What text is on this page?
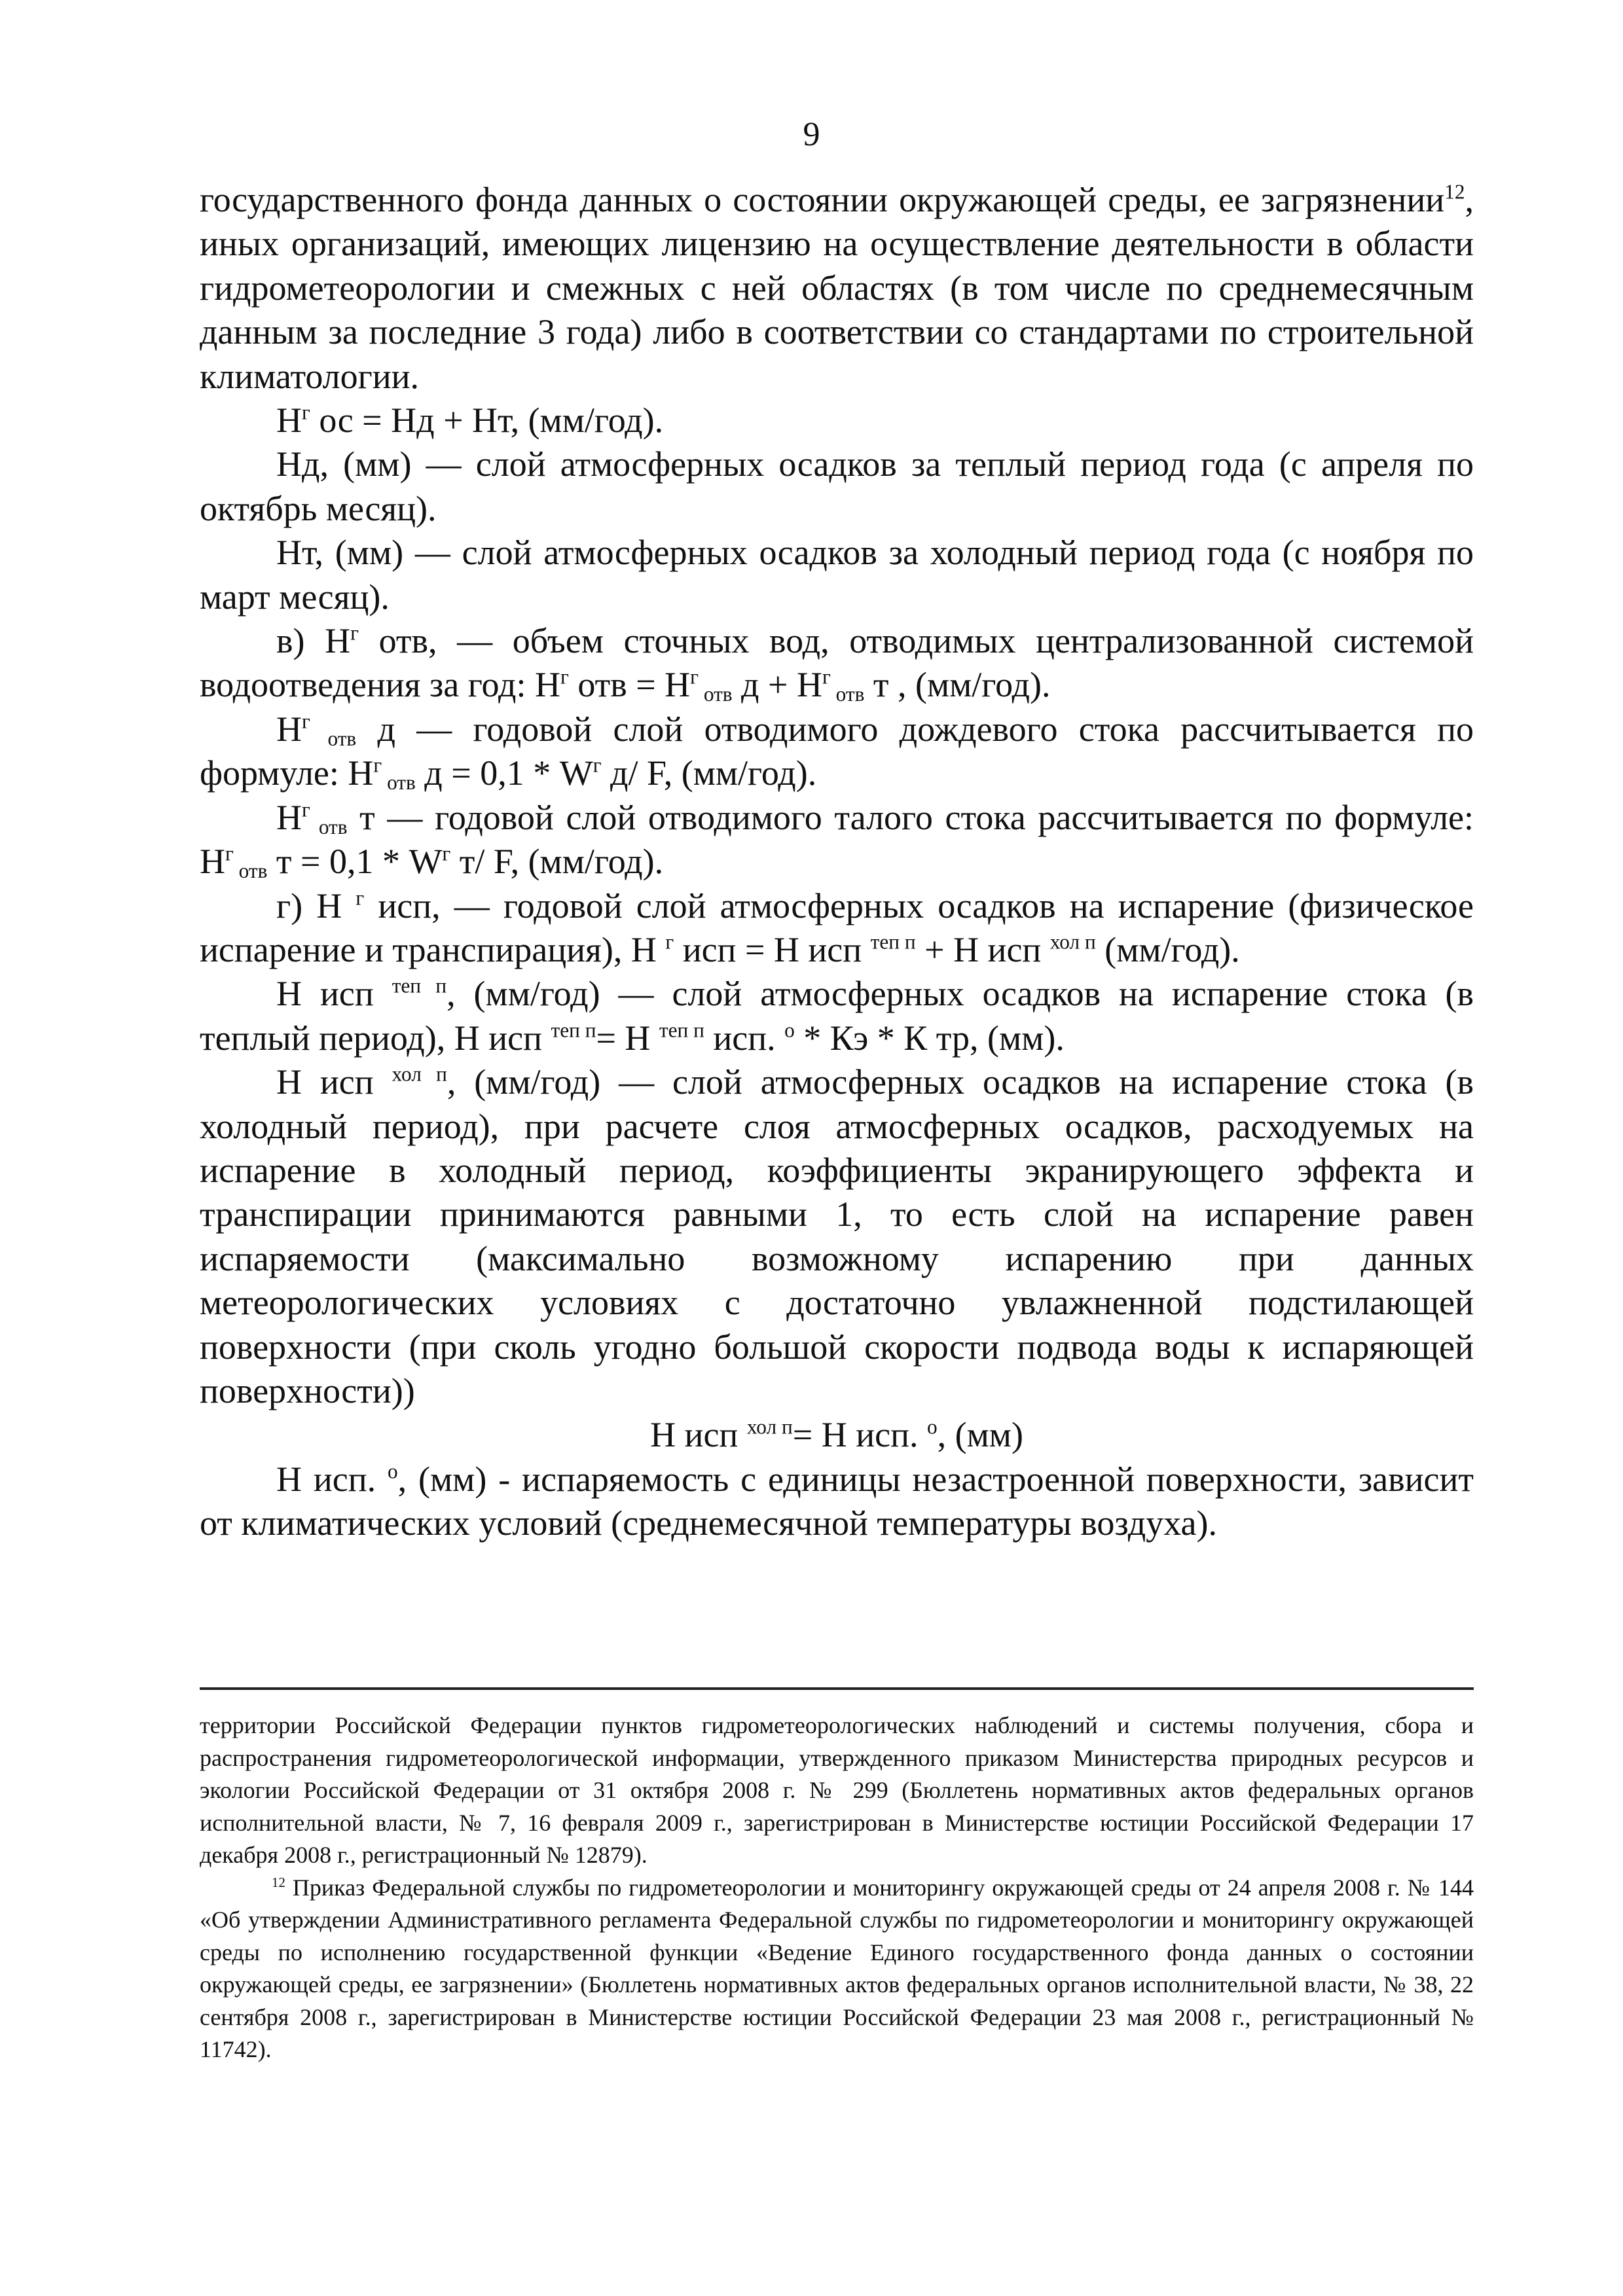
9

государственного фонда данных о состоянии окружающей среды, ее загрязнении$^{12}$, иных организаций, имеющих лицензию на осуществление деятельности в области гидрометеорологии и смежных с ней областях (в том числе по среднемесячным данным за последние 3 года) либо в соответствии со стандартами по строительной климатологии.

$H^г$ ос = Нд + Нт, (мм/год).

Нд, (мм) — слой атмосферных осадков за теплый период года (с апреля по октябрь месяц).

Нт, (мм) — слой атмосферных осадков за холодный период года (с ноября по март месяц).

в) $H^г$ отв, — объем сточных вод, отводимых централизованной системой водоотведения за год: $H^г$ отв = $H^г$ $_{отв}$ $д + H^г$ $_{отв}$ т , (мм/год).

$H^г$ $_{отв}$ д — годовой слой отводимого дождевого стока рассчитывается по формуле: $H^г$ $_{отв}$ $д = 0,1 * W^г$ д/ F, (мм/год).

$H^г$ $_{отв}$ т — годовой слой отводимого талого стока рассчитывается по формуле: $H^г$ $_{отв}$ $т = 0,1 * W^г$ т/ F, (мм/год).

г) Н $^г$ исп, — годовой слой атмосферных осадков на испарение (физическое испарение и транспирация), Н $^г$ исп = Н исп $^{теп п}$ + Н исп $^{хол п}$ (мм/год).

Н исп $^{теп п}$, (мм/год) — слой атмосферных осадков на испарение стока (в теплый период), Н исп $^{теп п}$= Н $^{теп п}$ исп. $^о$ * Кэ * К тр, (мм).

Н исп $^{хол п}$, (мм/год) — слой атмосферных осадков на испарение стока (в холодный период), при расчете слоя атмосферных осадков, расходуемых на испарение в холодный период, коэффициенты экранирующего эффекта и транспирации принимаются равными 1, то есть слой на испарение равен испаряемости (максимально возможному испарению при данных метеорологических условиях с достаточно увлажненной подстилающей поверхности (при сколь угодно большой скорости подвода воды к испаряющей поверхности))

Н исп $^{хол п}$= Н исп. $^о$, (мм)

Н исп. $^о$, (мм) - испаряемость с единицы незастроенной поверхности, зависит от климатических условий (среднемесячной температуры воздуха).

территории Российской Федерации пунктов гидрометеорологических наблюдений и системы получения, сбора и распространения гидрометеорологической информации, утвержденного приказом Министерства природных ресурсов и экологии Российской Федерации от 31 октября 2008 г. № 299 (Бюллетень нормативных актов федеральных органов исполнительной власти, № 7, 16 февраля 2009 г., зарегистрирован в Министерстве юстиции Российской Федерации 17 декабря 2008 г., регистрационный № 12879).

$^{12}$ Приказ Федеральной службы по гидрометеорологии и мониторингу окружающей среды от 24 апреля 2008 г. № 144 «Об утверждении Административного регламента Федеральной службы по гидрометеорологии и мониторингу окружающей среды по исполнению государственной функции «Ведение Единого государственного фонда данных о состоянии окружающей среды, ее загрязнении» (Бюллетень нормативных актов федеральных органов исполнительной власти, № 38, 22 сентября 2008 г., зарегистрирован в Министерстве юстиции Российской Федерации 23 мая 2008 г., регистрационный № 11742).
